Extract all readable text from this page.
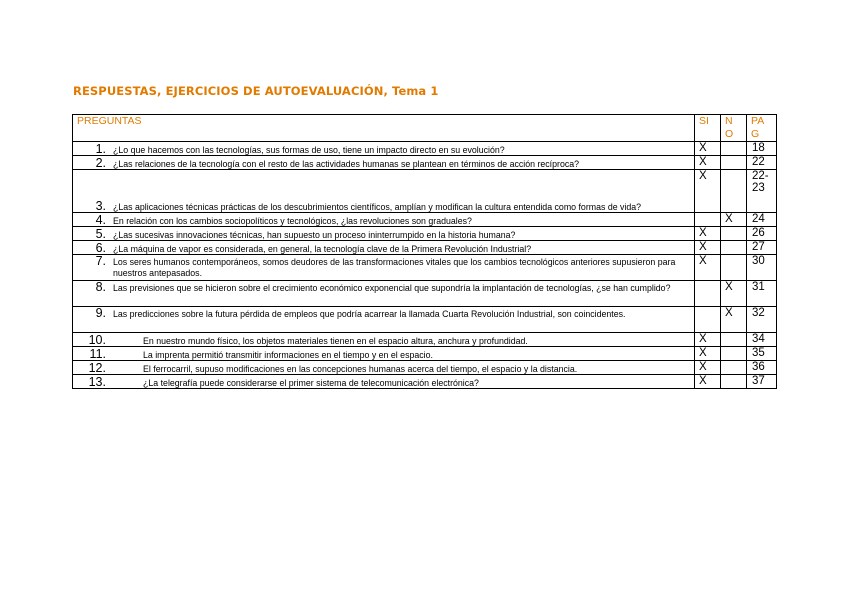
RESPUESTAS, EJERCICIOS DE AUTOEVALUACIÓN, Tema 1
PREGUNTAS	SI	N O	PA G

1. ¿Lo que hacemos con las tecnologías, sus formas de uso, tiene un impacto directo en su evolución?	X		18

2. ¿Las relaciones de la tecnología con el resto de las actividades humanas se plantean en términos de acción recíproca?	X		22

3. ¿Las aplicaciones técnicas prácticas de los descubrimientos científicos, amplían y modifican la cultura entendida como formas de vida?	X		22-23

4. En relación con los cambios sociopolíticos y tecnológicos, ¿las revoluciones son graduales?		X	24

5. ¿Las sucesivas innovaciones técnicas, han supuesto un proceso ininterrumpido en la historia humana?	X		26

6. ¿La máquina de vapor es considerada, en general, la tecnología clave de la Primera Revolución Industrial?	X		27

7. Los seres humanos contemporáneos, somos deudores de las transformaciones vitales que los cambios tecnológicos anteriores supusieron para nuestros antepasados.	X		30

8. Las previsiones que se hicieron sobre el crecimiento económico exponencial que supondría la implantación de tecnologías, ¿se han cumplido?		X	31

9. Las predicciones sobre la futura pérdida de empleos que podría acarrear la llamada Cuarta Revolución Industrial, son coincidentes.		X	32

10. En nuestro mundo físico, los objetos materiales tienen en el espacio altura, anchura y profundidad.	X		34

11. La imprenta permitió transmitir informaciones en el tiempo y en el espacio.	X		35

12. El ferrocarril, supuso modificaciones en las concepciones humanas acerca del tiempo, el espacio y la distancia.	X		36

13. ¿La telegrafía puede considerarse el primer sistema de telecomunicación electrónica?	X		37
